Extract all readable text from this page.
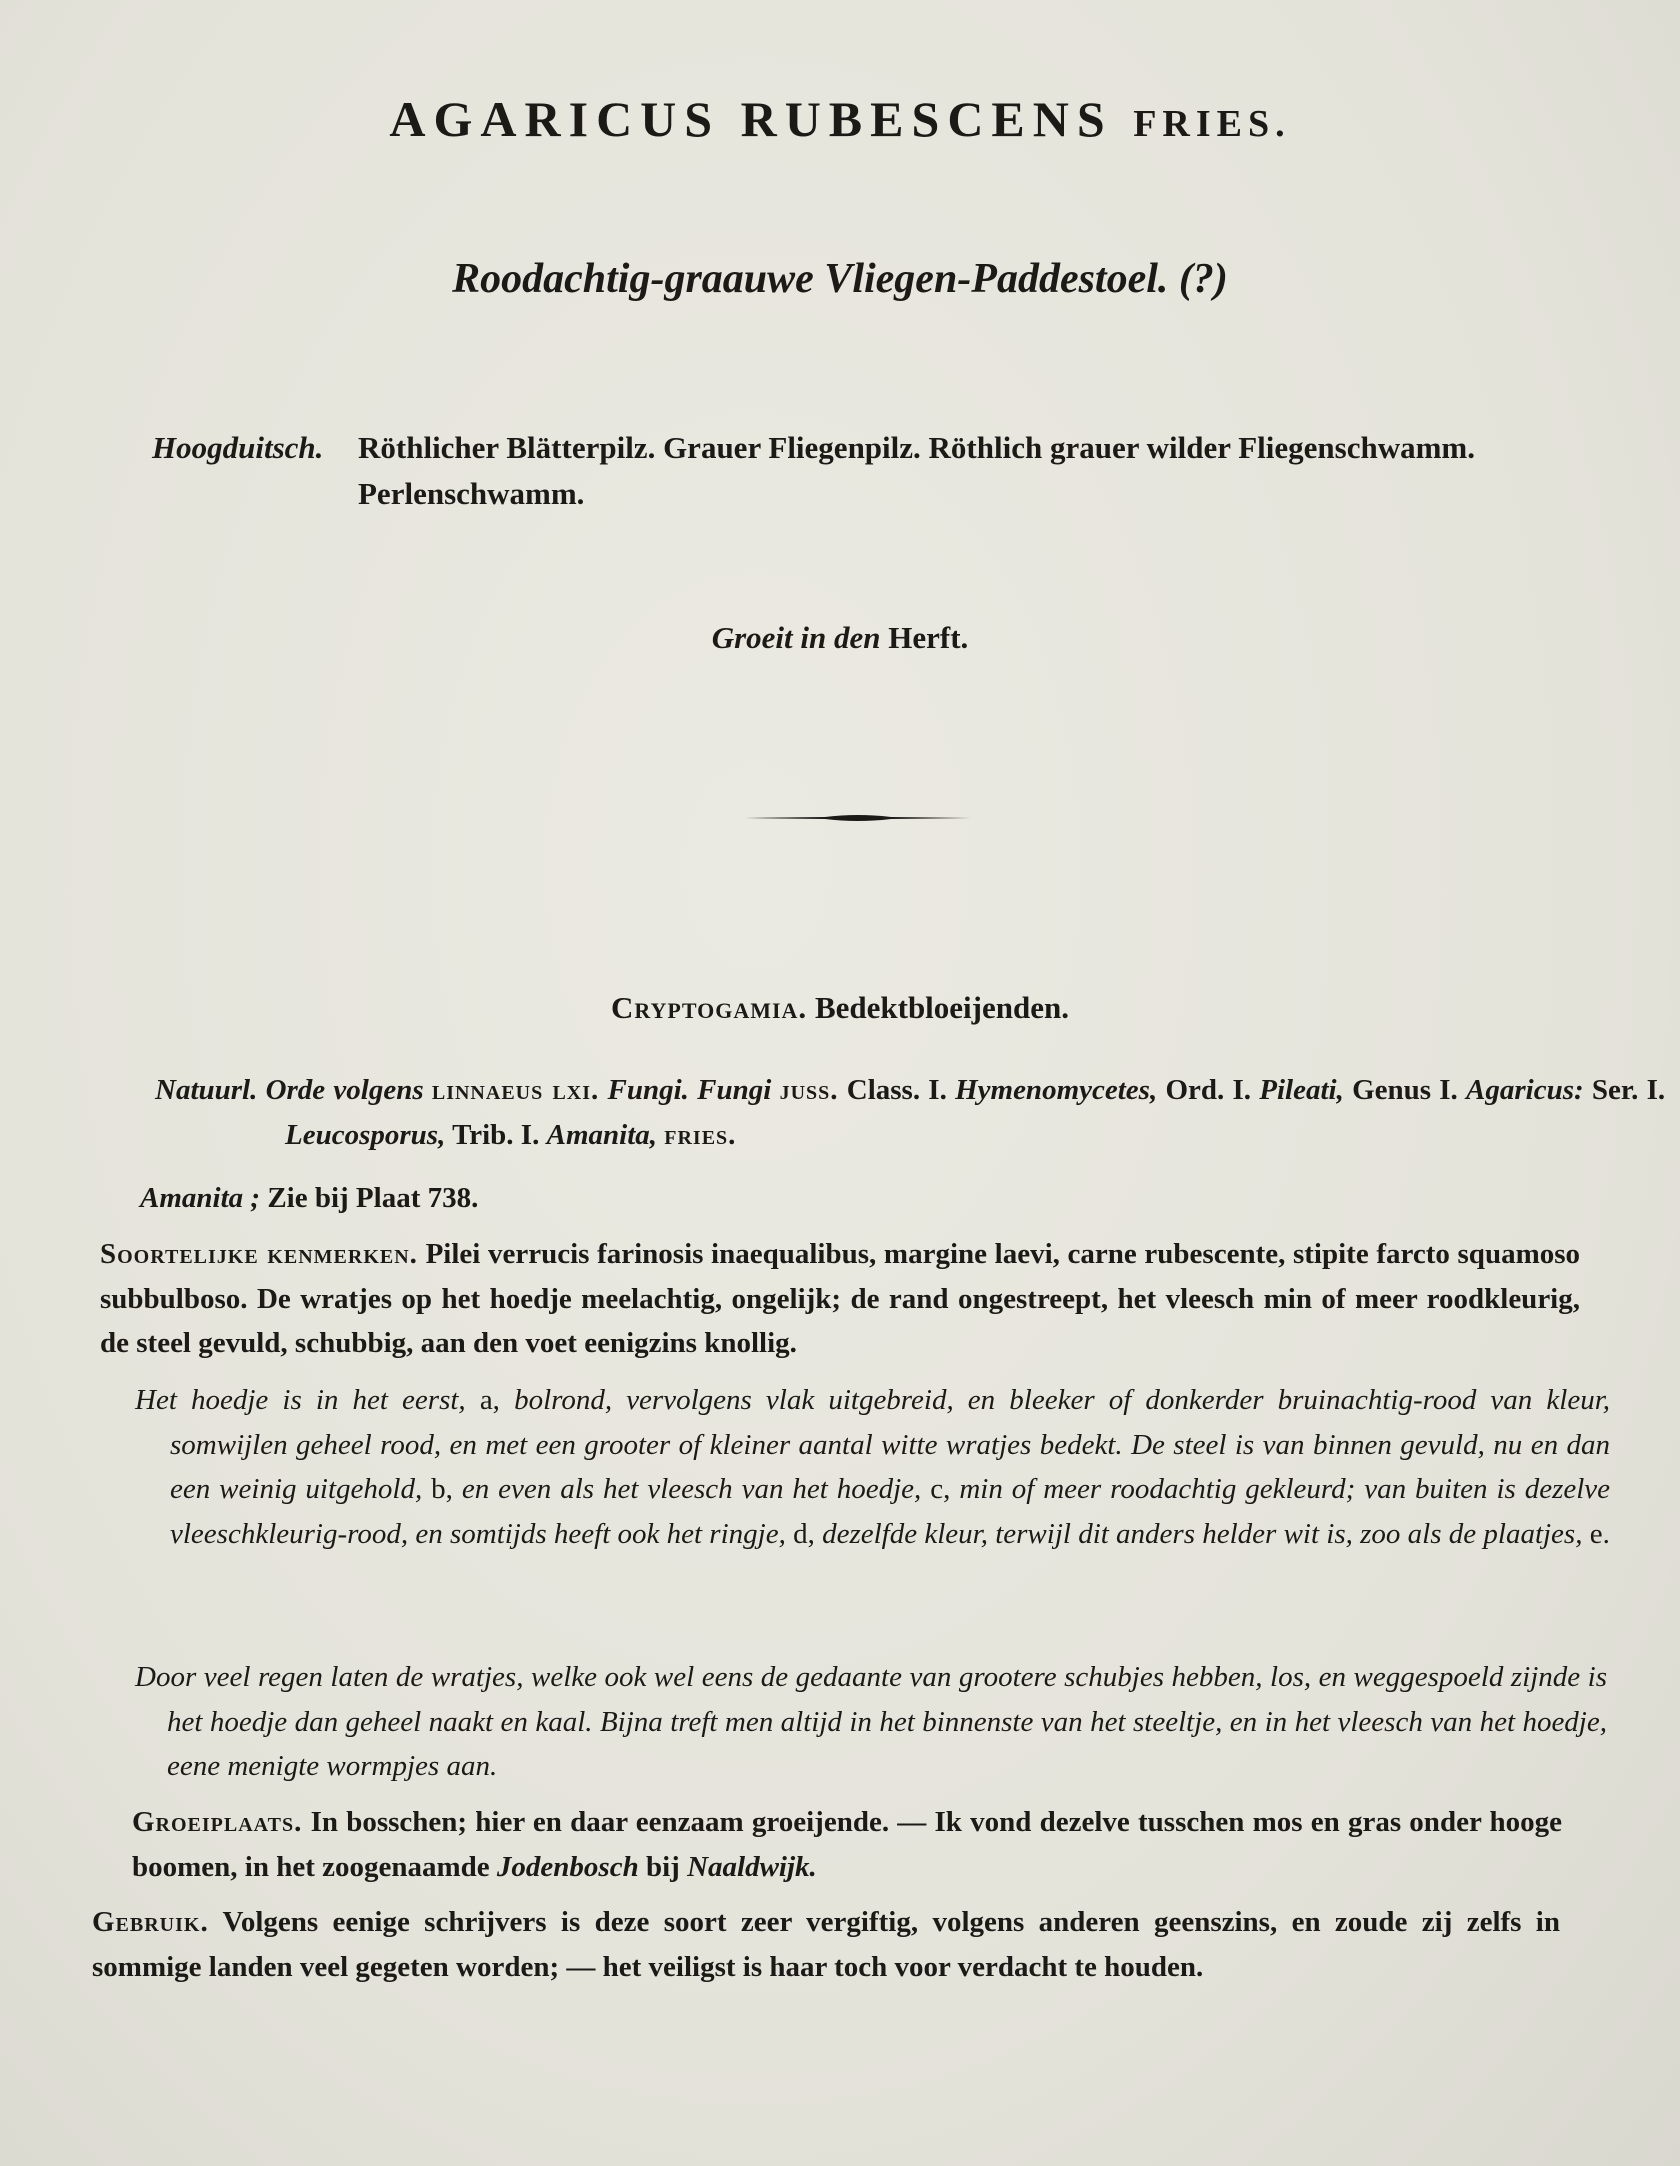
AGARICUS RUBESCENS FRIES.
Roodachtig-graauwe Vliegen-Paddestoel. (?)
Hoogduitsch. Röthlicher Blätterpilz. Grauer Fliegenpilz. Röthlich grauer wilder Fliegenschwamm. Perlenschwamm.
Groeit in den Herft.
Cryptogamia. Bedektbloeijenden.
Natuurl. Orde volgens linnaeus lxi. Fungi. Fungi juss. Class. I. Hymenomycetes, Ord. I. Pileati, Genus I. Agaricus: Ser. I. Leucosporus, Trib. I. Amanita, fries.
Amanita ; Zie bij Plaat 738.
Soortelijke kenmerken. Pilei verrucis farinosis inaequalibus, margine laevi, carne rubescente, stipite farcto squamoso subbulboso. De wratjes op het hoedje meelachtig, ongelijk; de rand ongestreept, het vleesch min of meer roodkleurig, de steel gevuld, schubbig, aan den voet eenigzins knollig.
Het hoedje is in het eerst, a, bolrond, vervolgens vlak uitgebreid, en bleeker of donkerder bruinachtig-rood van kleur, somwijlen geheel rood, en met een grooter of kleiner aantal witte wratjes bedekt. De steel is van binnen gevuld, nu en dan een weinig uitgehold, b, en even als het vleesch van het hoedje, c, min of meer roodachtig gekleurd; van buiten is dezelve vleeschkleurig-rood, en somtijds heeft ook het ringje, d, dezelfde kleur, terwijl dit anders helder wit is, zoo als de plaatjes, e.
Door veel regen laten de wratjes, welke ook wel eens de gedaante van grootere schubjes hebben, los, en weggespoeld zijnde is het hoedje dan geheel naakt en kaal. Bijna treft men altijd in het binnenste van het steeltje, en in het vleesch van het hoedje, eene menigte wormpjes aan.
Groeiplaats. In bosschen; hier en daar eenzaam groeijende. — Ik vond dezelve tusschen mos en gras onder hooge boomen, in het zoogenaamde Jodenbosch bij Naaldwijk.
Gebruik. Volgens eenige schrijvers is deze soort zeer vergiftig, volgens anderen geenszins, en zoude zij zelfs in sommige landen veel gegeten worden; — het veiligst is haar toch voor verdacht te houden.
